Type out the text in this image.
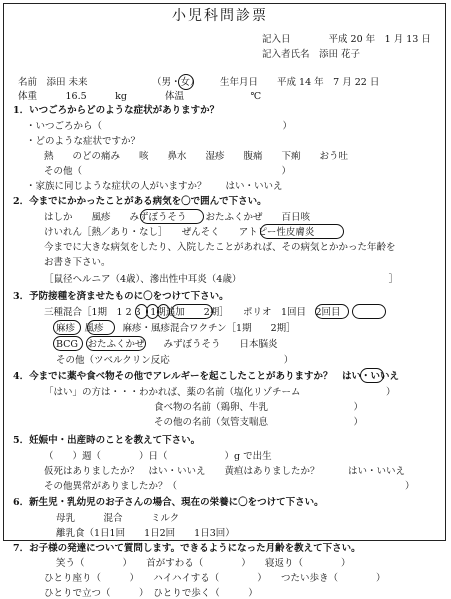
小児科問診票
記入日　　　　平成 20 年　1 月 13 日
記入者氏名　添田 花子
名前　添田 未来	（男・女） 生年月日　　平成 14 年　7 月 22 日
体重　　　16.5　　　kg　　　　体温　　　　　　　℃
1．いつごろからどのような症状がありますか？
・いつごろから（　　　　　　　　　　　　　　　　　　　）
・どのような症状ですか？
熱　　のどの痛み　　咳　　鼻水　　湿疹　　腹痛　　下痢　　おう吐
その他（　　　　　　　　　　　　　　　　　　　　　）
・家族に同じような症状の人がいますか？　　はい・いいえ
2．今までにかかったことがある病気を〇で囲んで下さい。
はしか　　風疹　　みずぼうそう　　おたふくかぜ　　百日咳
けいれん［熱／あり・なし］　　ぜんそく　　アトピー性皮膚炎
今までに大きな病気をしたり、入院したことがあれば、その病気とかかった年齢を
お書き下さい。
［鼠径ヘルニア（4歳）、滲出性中耳炎（4歳）　　　　　　　　　　　　　　　　］
3．予防接種を済ませたものに〇をつけて下さい。
三種混合［1期　1 2 3　1期追加　　2期］　　ポリオ　1回目　2回目
麻疹　風疹　　麻疹・風疹混合ワクチン［1期　　2期］
BCG　おたふくかぜ　　みずぼうそう　　日本脳炎
その他（ツベルクリン反応　　　　　　　　　　　　）
4．今までに薬や食べ物その他でアレルギーを起こしたことがありますか？　はい・いいえ
「はい」の方は・・・わかれば、薬の名前（塩化リゾチーム　　　　　　　　　）
食べ物の名前（鶏卵、牛乳　　　　　　　　　）
その他の名前（気管支喘息　　　　　　　　　）
5．妊娠中・出産時のことを教えて下さい。
（　　）週（　　　　）日（　　　　　　）g で出生
仮死はありましたか？　はい・いいえ　　黄疸はありましたか？　　　はい・いいえ
その他異常がありましたか？（　　　　　　　　　　　　　　　　　　　　　　　　）
6．新生児・乳幼児のお子さんの場合、現在の栄養に〇をつけて下さい。
母乳　　　混合　　　ミルク
離乳食（1日1回　　1日2回　　1日3回）
7．お子様の発達について質問します。できるようになった月齢を教えて下さい。
笑う（　　　　）　　首がすわる（　　　　）　　寝返り（　　　　）
ひとり座り（　　　）　　ハイハイする（　　　　）　　つたい歩き（　　　　）
ひとりで立つ（　　　）　ひとりで歩く（　　　）
